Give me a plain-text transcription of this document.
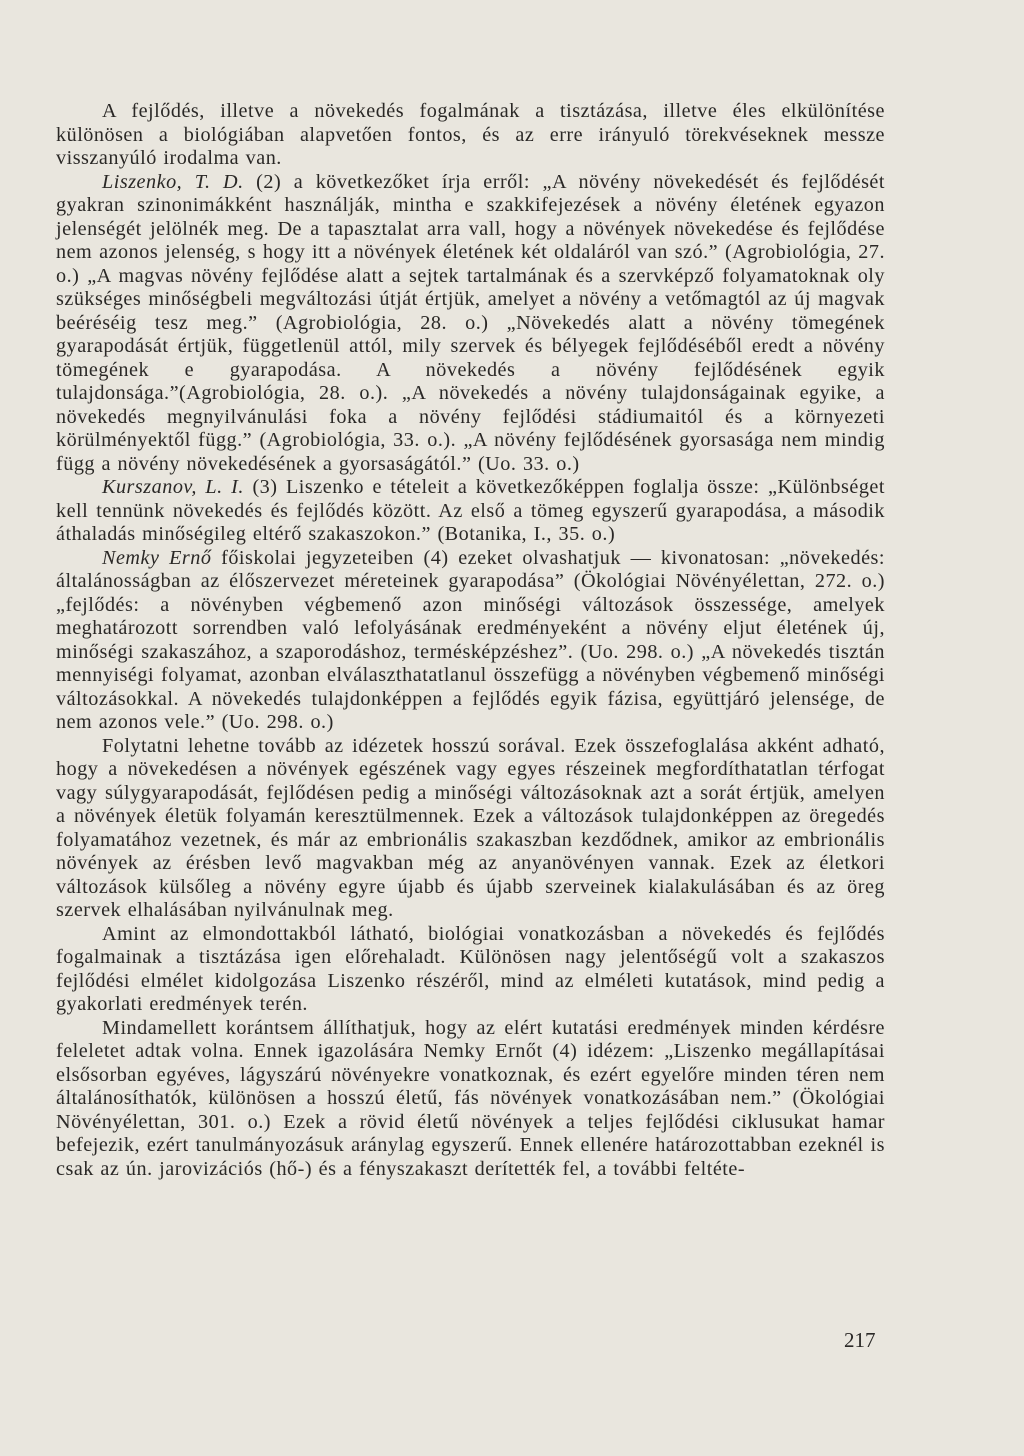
A fejlődés, illetve a növekedés fogalmának a tisztázása, illetve éles elkülönítése különösen a biológiában alapvetően fontos, és az erre irányuló törekvéseknek messze visszanyúló irodalma van.

Liszenko, T. D. (2) a következőket írja erről: „A növény növekedését és fejlődését gyakran szinonimákként használják, mintha e szakkifejezések a növény életének egyazon jelenségét jelölnék meg. De a tapasztalat arra vall, hogy a növények növekedése és fejlődése nem azonos jelenség, s hogy itt a növények életének két oldaláról van szó.” (Agrobiológia, 27. o.) „A magvas növény fejlődése alatt a sejtek tartalmának és a szervképző folyamatoknak oly szükséges minőségbeli megváltozási útját értjük, amelyet a növény a vetőmagtól az új magvak beéréséig tesz meg.” (Agrobiológia, 28. o.) „Növekedés alatt a növény tömegének gyarapodását értjük, függetlenül attól, mily szervek és bélyegek fejlődéséből eredt a növény tömegének e gyarapodása. A növekedés a növény fejlődésének egyik tulajdonsága.”(Agrobiológia, 28. o.). „A növekedés a növény tulajdonságainak egyike, a növekedés megnyilvánulási foka a növény fejlődési stádiumaitól és a környezeti körülményektől függ.” (Agrobiológia, 33. o.). „A növény fejlődésének gyorsasága nem mindig függ a növény növekedésének a gyorsaságától.” (Uo. 33. o.)

Kurszanov, L. I. (3) Liszenko e tételeit a következőképpen foglalja össze: „Különbséget kell tennünk növekedés és fejlődés között. Az első a tömeg egyszerű gyarapodása, a második áthaladás minőségileg eltérő szakaszokon.” (Botanika, I., 35. o.)

Nemky Ernő főiskolai jegyzeteiben (4) ezeket olvashatjuk — kivonatosan: „növekedés: általánosságban az élőszervezet méreteinek gyarapodása” (Ökológiai Növényélettan, 272. o.) „fejlődés: a növényben végbemenő azon minőségi változások összessége, amelyek meghatározott sorrendben való lefolyásának eredményeként a növény eljut életének új, minőségi szakaszához, a szaporodáshoz, termésképzéshez”. (Uo. 298. o.) „A növekedés tisztán mennyiségi folyamat, azonban elválaszthatatlanul összefügg a növényben végbemenő minőségi változásokkal. A növekedés tulajdonképpen a fejlődés egyik fázisa, együttjáró jelensége, de nem azonos vele.” (Uo. 298. o.)

Folytatni lehetne tovább az idézetek hosszú sorával. Ezek összefoglalása akként adható, hogy a növekedésen a növények egészének vagy egyes részeinek megfordíthatatlan térfogat vagy súlygyarapodását, fejlődésen pedig a minőségi változásoknak azt a sorát értjük, amelyen a növények életük folyamán keresztülmennek. Ezek a változások tulajdonképpen az öregedés folyamatához vezetnek, és már az embrionális szakaszban kezdődnek, amikor az embrionális növények az érésben levő magvakban még az anyanövényen vannak. Ezek az életkori változások külsőleg a növény egyre újabb és újabb szerveinek kialakulásában és az öreg szervek elhalásában nyilvánulnak meg.

Amint az elmondottakból látható, biológiai vonatkozásban a növekedés és fejlődés fogalmainak a tisztázása igen előrehaladt. Különösen nagy jelentőségű volt a szakaszos fejlődési elmélet kidolgozása Liszenko részéről, mind az elméleti kutatások, mind pedig a gyakorlati eredmények terén.

Mindamellett korántsem állíthatjuk, hogy az elért kutatási eredmények minden kérdésre feleletet adtak volna. Ennek igazolására Nemky Ernőt (4) idézem: „Liszenko megállapításai elsősorban egyéves, lágyszárú növényekre vonatkoznak, és ezért egyelőre minden téren nem általánosíthatók, különösen a hosszú életű, fás növények vonatkozásában nem.” (Ökológiai Növényélettan, 301. o.) Ezek a rövid életű növények a teljes fejlődési ciklusukat hamar befejezik, ezért tanulmányozásuk aránylag egyszerű. Ennek ellenére határozottabban ezeknél is csak az ún. jarovizációs (hő-) és a fényszakaszt derítették fel, a további feltéte-

217
